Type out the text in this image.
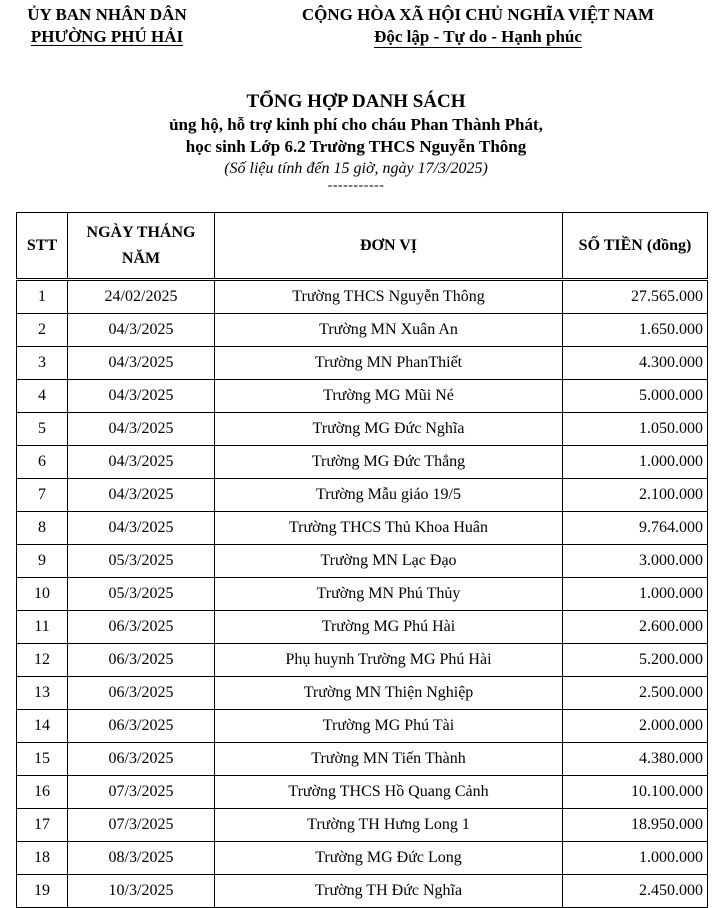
ỦY BAN NHÂN DÂN
PHƯỜNG PHÚ HẢI
CỘNG HÒA XÃ HỘI CHỦ NGHĨA VIỆT NAM
Độc lập - Tự do - Hạnh phúc
TỔNG HỢP DANH SÁCH
ủng hộ, hỗ trợ kinh phí cho cháu Phan Thành Phát,
học sinh Lớp 6.2 Trường THCS Nguyễn Thông
(Số liệu tính đến 15 giờ, ngày 17/3/2025)
-----------
STT	NGÀY THÁNG NĂM	ĐƠN VỊ	SỐ TIỀN (đồng)
1	24/02/2025	Trường THCS Nguyễn Thông	27.565.000
2	04/3/2025	Trường MN Xuân An	1.650.000
3	04/3/2025	Trường MN PhanThiết	4.300.000
4	04/3/2025	Trường MG Mũi Né	5.000.000
5	04/3/2025	Trường MG Đức Nghĩa	1.050.000
6	04/3/2025	Trường MG Đức Thắng	1.000.000
7	04/3/2025	Trường Mẫu giáo 19/5	2.100.000
8	04/3/2025	Trường THCS Thủ Khoa Huân	9.764.000
9	05/3/2025	Trường MN Lạc Đạo	3.000.000
10	05/3/2025	Trường MN Phú Thủy	1.000.000
11	06/3/2025	Trường MG Phú Hài	2.600.000
12	06/3/2025	Phụ huynh Trường MG Phú Hài	5.200.000
13	06/3/2025	Trường MN Thiện Nghiệp	2.500.000
14	06/3/2025	Trường MG Phú Tài	2.000.000
15	06/3/2025	Trường MN Tiến Thành	4.380.000
16	07/3/2025	Trường THCS Hồ Quang Cảnh	10.100.000
17	07/3/2025	Trường TH Hưng Long 1	18.950.000
18	08/3/2025	Trường MG Đức Long	1.000.000
19	10/3/2025	Trường TH Đức Nghĩa	2.450.000
